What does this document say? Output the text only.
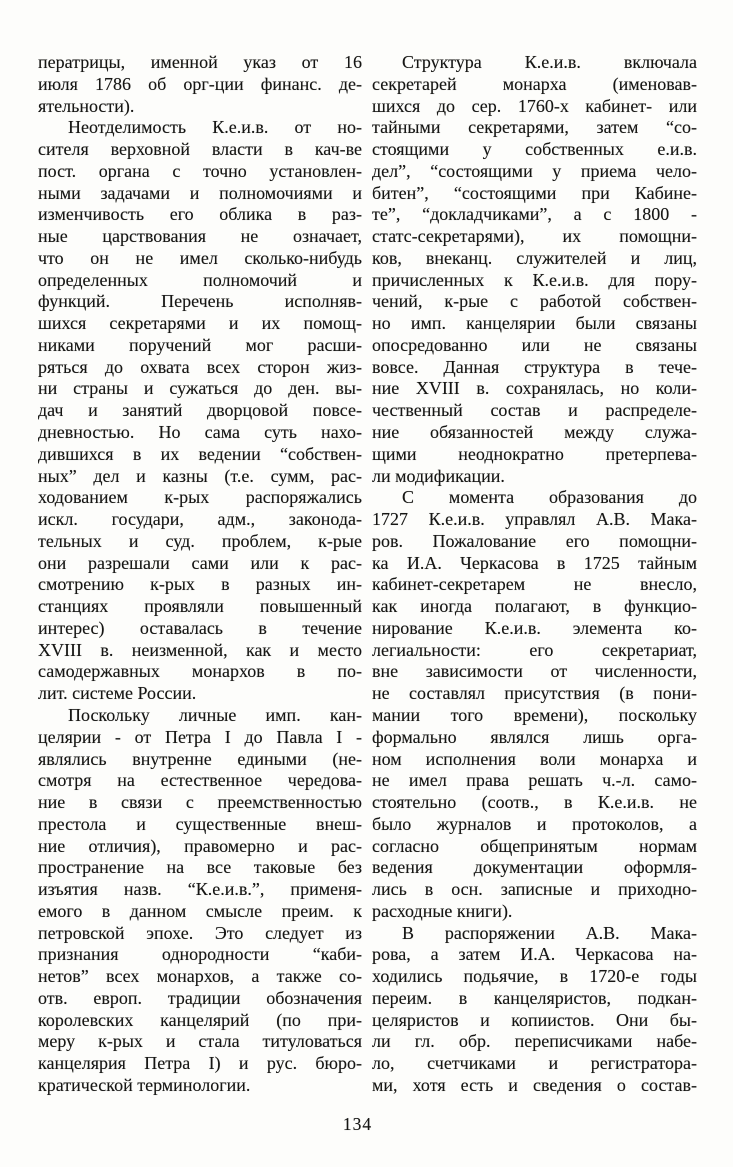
ператрицы, именной указ от 16
июля 1786 об орг-ции финанс. де-
ятельности).
Неотделимость К.е.и.в. от но-
сителя верховной власти в кач-ве
пост. органа с точно установлен-
ными задачами и полномочиями и
изменчивость его облика в раз-
ные царствования не означает,
что он не имел сколько-нибудь
определенных полномочий и
функций. Перечень исполняв-
шихся секретарями и их помощ-
никами поручений мог расши-
ряться до охвата всех сторон жиз-
ни страны и сужаться до ден. вы-
дач и занятий дворцовой повсе-
дневностью. Но сама суть нахо-
дившихся в их ведении “собствен-
ных” дел и казны (т.е. сумм, рас-
ходованием к-рых распоряжались
искл. государи, адм., законода-
тельных и суд. проблем, к-рые
они разрешали сами или к рас-
смотрению к-рых в разных ин-
станциях проявляли повышенный
интерес) оставалась в течение
XVIII в. неизменной, как и место
самодержавных монархов в по-
лит. системе России.
Поскольку личные имп. кан-
целярии - от Петра I до Павла I -
являлись внутренне едиными (не-
смотря на естественное чередова-
ние в связи с преемственностью
престола и существенные внеш-
ние отличия), правомерно и рас-
пространение на все таковые без
изъятия назв. “К.е.и.в.”, применя-
емого в данном смысле преим. к
петровской эпохе. Это следует из
признания однородности “каби-
нетов” всех монархов, а также со-
отв. европ. традиции обозначения
королевских канцелярий (по при-
меру к-рых и стала титуловаться
канцелярия Петра I) и рус. бюро-
кратической терминологии.
Структура К.е.и.в. включала
секретарей монарха (именовав-
шихся до сер. 1760-х кабинет- или
тайными секретарями, затем “со-
стоящими у собственных е.и.в.
дел”, “состоящими у приема чело-
битен”, “состоящими при Кабине-
те”, “докладчиками”, а с 1800 -
статс-секретарями), их помощни-
ков, внеканц. служителей и лиц,
причисленных к К.е.и.в. для пору-
чений, к-рые с работой собствен-
но имп. канцелярии были связаны
опосредованно или не связаны
вовсе. Данная структура в тече-
ние XVIII в. сохранялась, но коли-
чественный состав и распределе-
ние обязанностей между служа-
щими неоднократно претерпева-
ли модификации.
С момента образования до
1727 К.е.и.в. управлял А.В. Мака-
ров. Пожалование его помощни-
ка И.А. Черкасова в 1725 тайным
кабинет-секретарем не внесло,
как иногда полагают, в функцио-
нирование К.е.и.в. элемента ко-
легиальности: его секретариат,
вне зависимости от численности,
не составлял присутствия (в пони-
мании того времени), поскольку
формально являлся лишь орга-
ном исполнения воли монарха и
не имел права решать ч.-л. само-
стоятельно (соотв., в К.е.и.в. не
было журналов и протоколов, а
согласно общепринятым нормам
ведения документации оформля-
лись в осн. записные и приходно-
расходные книги).
В распоряжении А.В. Мака-
рова, а затем И.А. Черкасова на-
ходились подьячие, в 1720-е годы
переим. в канцеляристов, подкан-
целяристов и копиистов. Они бы-
ли гл. обр. переписчиками набе-
ло, счетчиками и регистратора-
ми, хотя есть и сведения о состав-
134
